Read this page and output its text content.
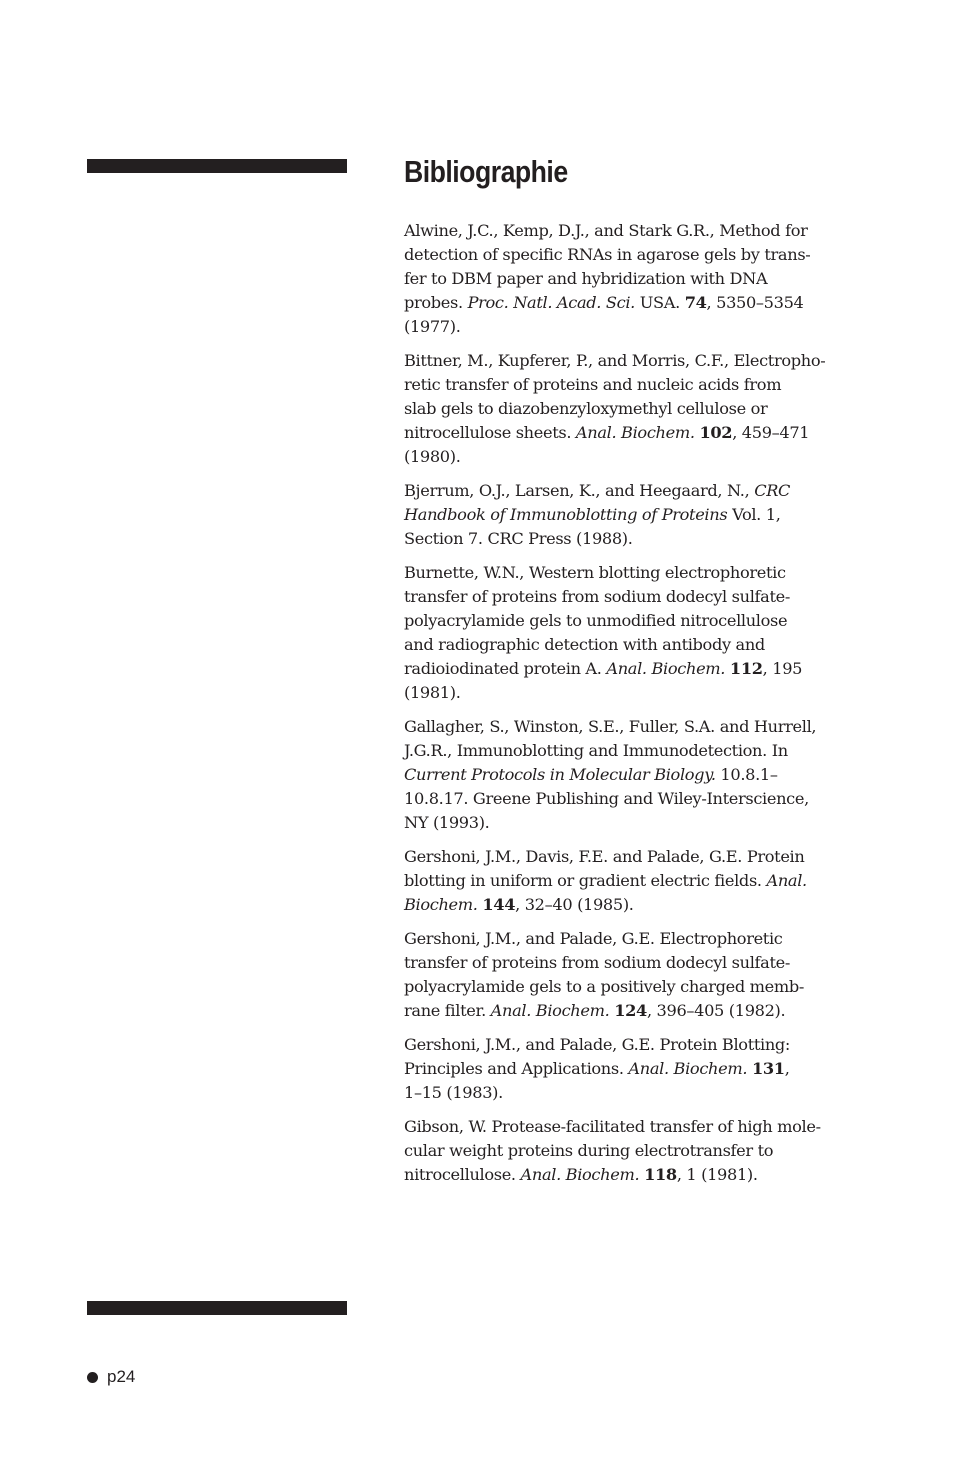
Bibliographie
Alwine, J.C., Kemp, D.J., and Stark G.R., Method for
detection of specific RNAs in agarose gels by trans-
fer to DBM paper and hybridization with DNA
probes. Proc. Natl. Acad. Sci. USA. 74, 5350–5354
(1977).
Bittner, M., Kupferer, P., and Morris, C.F., Electropho-
retic transfer of proteins and nucleic acids from
slab gels to diazobenzyloxymethyl cellulose or
nitrocellulose sheets. Anal. Biochem. 102, 459–471
(1980).
Bjerrum, O.J., Larsen, K., and Heegaard, N., CRC
Handbook of Immunoblotting of Proteins Vol. 1,
Section 7. CRC Press (1988).
Burnette, W.N., Western blotting electrophoretic
transfer of proteins from sodium dodecyl sulfate-
polyacrylamide gels to unmodified nitrocellulose
and radiographic detection with antibody and
radioiodinated protein A. Anal. Biochem. 112, 195
(1981).
Gallagher, S., Winston, S.E., Fuller, S.A. and Hurrell,
J.G.R., Immunoblotting and Immunodetection. In
Current Protocols in Molecular Biology. 10.8.1–
10.8.17. Greene Publishing and Wiley-Interscience,
NY (1993).
Gershoni, J.M., Davis, F.E. and Palade, G.E. Protein
blotting in uniform or gradient electric fields. Anal.
Biochem. 144, 32–40 (1985).
Gershoni, J.M., and Palade, G.E. Electrophoretic
transfer of proteins from sodium dodecyl sulfate-
polyacrylamide gels to a positively charged memb-
rane filter. Anal. Biochem. 124, 396–405 (1982).
Gershoni, J.M., and Palade, G.E. Protein Blotting:
Principles and Applications. Anal. Biochem. 131,
1–15 (1983).
Gibson, W. Protease-facilitated transfer of high mole-
cular weight proteins during electrotransfer to
nitrocellulose. Anal. Biochem. 118, 1 (1981).
p24
